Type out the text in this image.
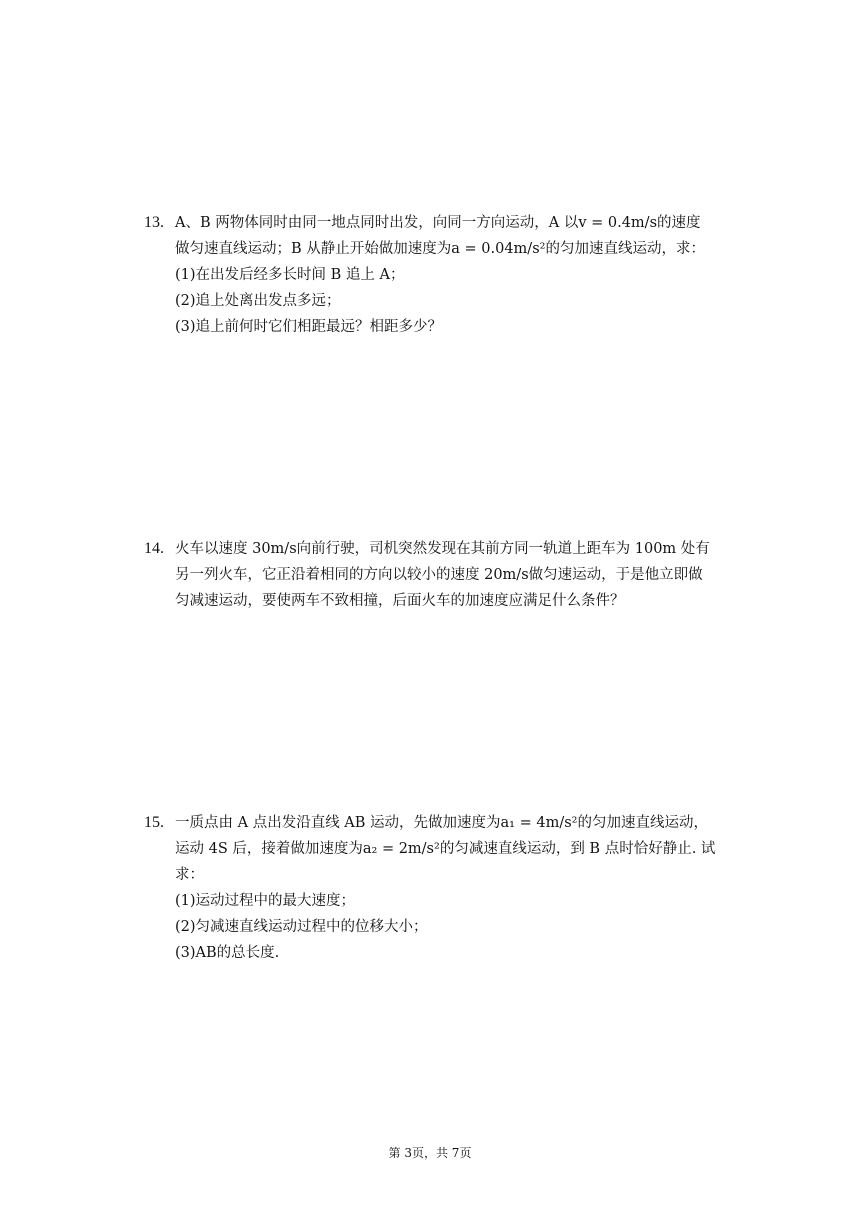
13. A、B 两物体同时由同一地点同时出发，向同一方向运动，A 以v = 0.4m/s的速度
做匀速直线运动；B 从静止开始做加速度为a = 0.04m/s²的匀加速直线运动，求：
(1)在出发后经多长时间 B 追上 A；
(2)追上处离出发点多远；
(3)追上前何时它们相距最远？相距多少？
14. 火车以速度 30m/s向前行驶，司机突然发现在其前方同一轨道上距车为 100m 处有
另一列火车，它正沿着相同的方向以较小的速度 20m/s做匀速运动，于是他立即做
匀减速运动，要使两车不致相撞，后面火车的加速度应满足什么条件？
15. 一质点由 A 点出发沿直线 AB 运动，先做加速度为a₁ = 4m/s²的匀加速直线运动，
运动 4S 后，接着做加速度为a₂ = 2m/s²的匀减速直线运动，到 B 点时恰好静止. 试
求：
(1)运动过程中的最大速度；
(2)匀减速直线运动过程中的位移大小；
(3)AB的总长度.
第 3页，共 7页
